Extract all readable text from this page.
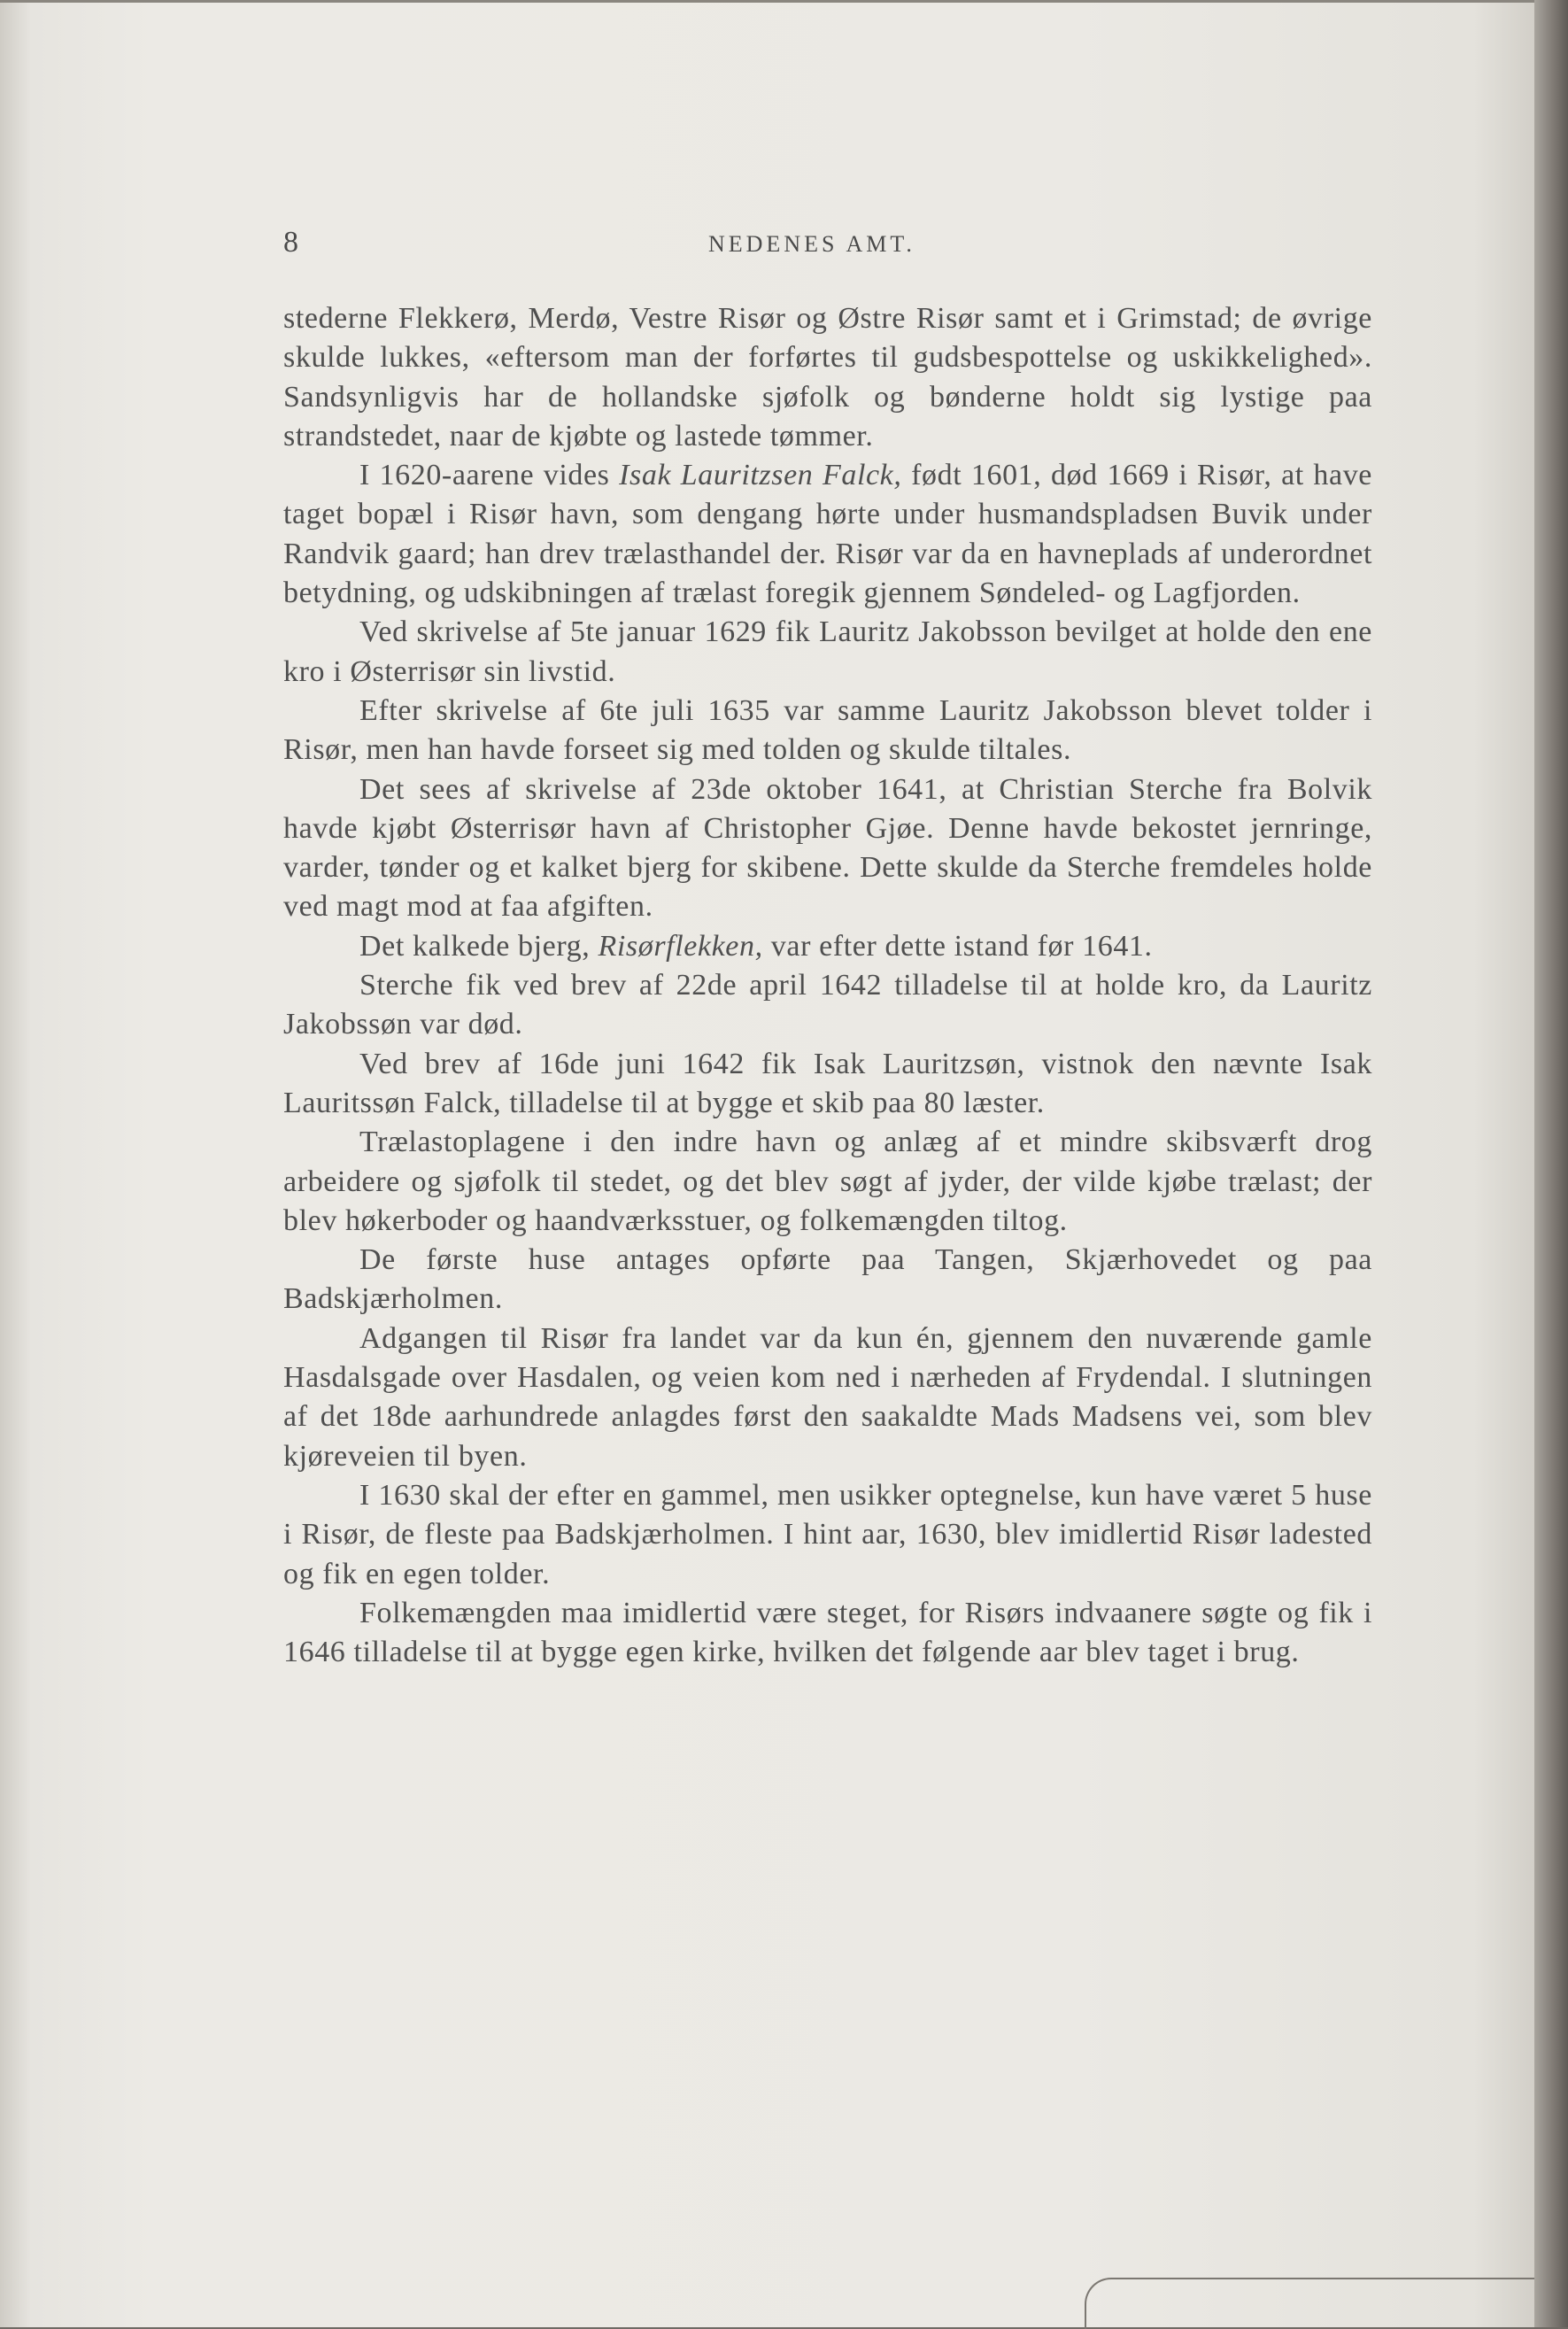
8	NEDENES AMT.

stederne Flekkerø, Merdø, Vestre Risør og Østre Risør samt et i Grimstad; de øvrige skulde lukkes, «eftersom man der forførtes til gudsbespottelse og uskikkelighed». Sandsynligvis har de hollandske sjøfolk og bønderne holdt sig lystige paa strandstedet, naar de kjøbte og lastede tømmer.

I 1620-aarene vides Isak Lauritzsen Falck, født 1601, død 1669 i Risør, at have taget bopæl i Risør havn, som dengang hørte under husmandspladsen Buvik under Randvik gaard; han drev trælasthandel der. Risør var da en havneplads af underordnet betydning, og udskibningen af trælast foregik gjennem Søndeled- og Lagfjorden.

Ved skrivelse af 5te januar 1629 fik Lauritz Jakobsson bevilget at holde den ene kro i Østerrisør sin livstid.

Efter skrivelse af 6te juli 1635 var samme Lauritz Jakobsson blevet tolder i Risør, men han havde forseet sig med tolden og skulde tiltales.

Det sees af skrivelse af 23de oktober 1641, at Christian Sterche fra Bolvik havde kjøbt Østerrisør havn af Christopher Gjøe. Denne havde bekostet jernringe, varder, tønder og et kalket bjerg for skibene. Dette skulde da Sterche fremdeles holde ved magt mod at faa afgiften.

Det kalkede bjerg, Risørflekken, var efter dette istand før 1641.

Sterche fik ved brev af 22de april 1642 tilladelse til at holde kro, da Lauritz Jakobssøn var død.

Ved brev af 16de juni 1642 fik Isak Lauritzsøn, vistnok den nævnte Isak Lauritssøn Falck, tilladelse til at bygge et skib paa 80 læster.

Trælastoplagene i den indre havn og anlæg af et mindre skibsværft drog arbeidere og sjøfolk til stedet, og det blev søgt af jyder, der vilde kjøbe trælast; der blev høkerboder og haandværksstuer, og folkemængden tiltog.

De første huse antages opførte paa Tangen, Skjærhovedet og paa Badskjærholmen.

Adgangen til Risør fra landet var da kun én, gjennem den nuværende gamle Hasdalsgade over Hasdalen, og veien kom ned i nærheden af Frydendal. I slutningen af det 18de aarhundrede anlagdes først den saakaldte Mads Madsens vei, som blev kjøreveien til byen.

I 1630 skal der efter en gammel, men usikker optegnelse, kun have været 5 huse i Risør, de fleste paa Badskjærholmen. I hint aar, 1630, blev imidlertid Risør ladested og fik en egen tolder.

Folkemængden maa imidlertid være steget, for Risørs indvaanere søgte og fik i 1646 tilladelse til at bygge egen kirke, hvilken det følgende aar blev taget i brug.
